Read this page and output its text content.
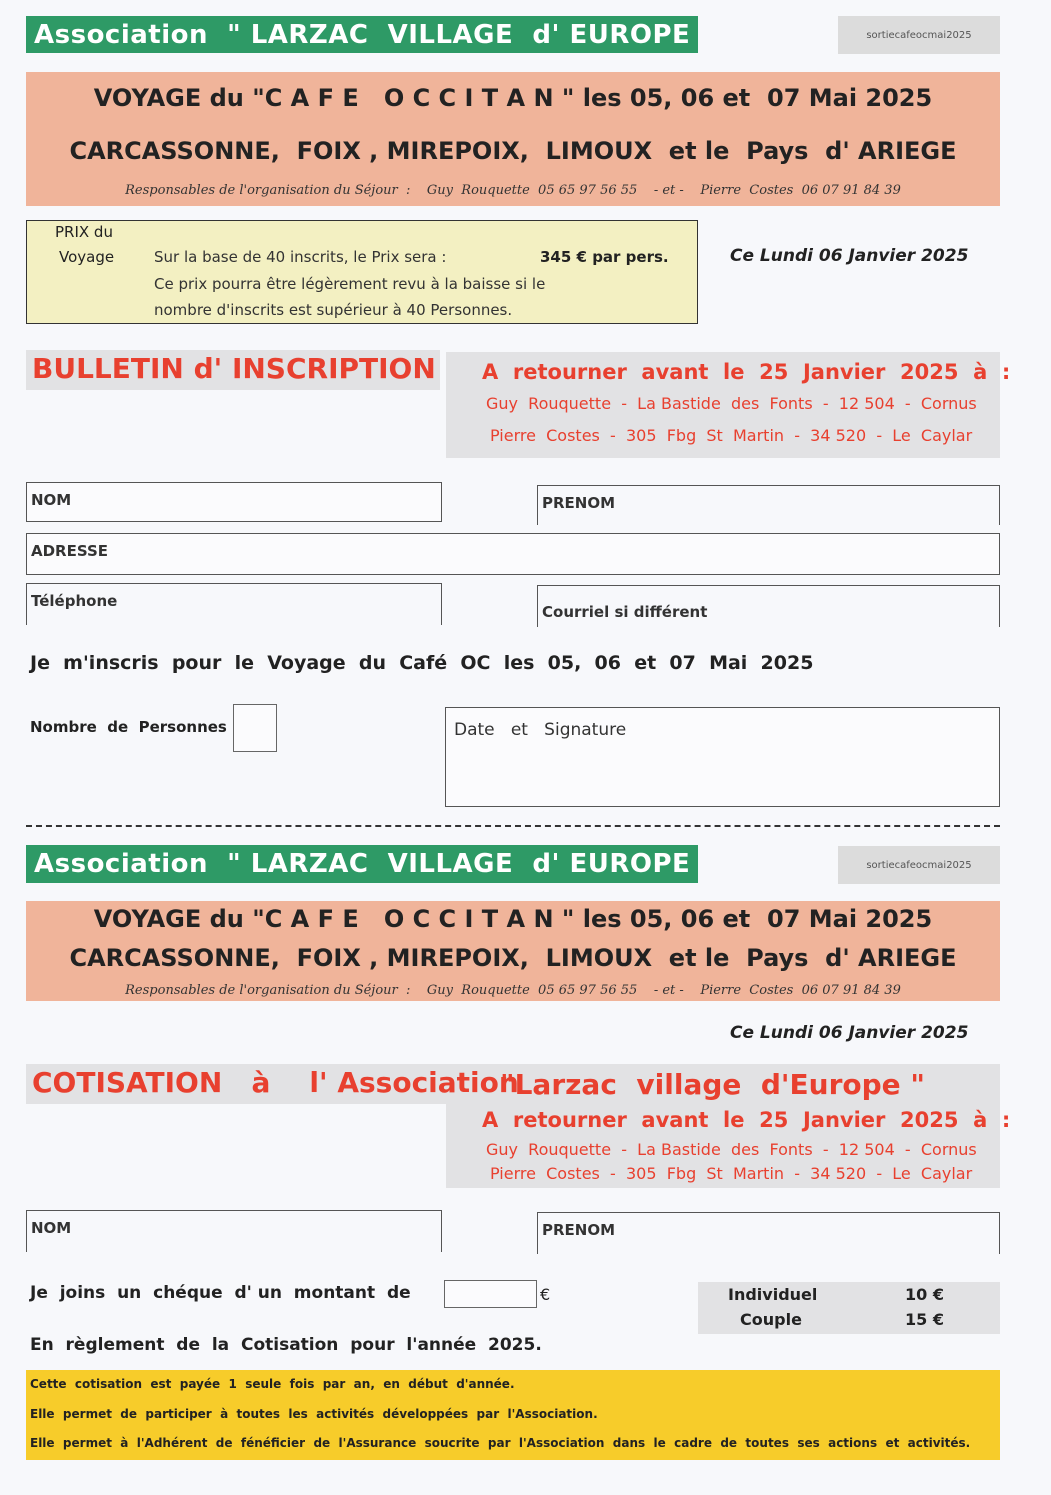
Association  " LARZAC  VILLAGE  d' EUROPE	sortiecafeocmai2025
VOYAGE du "C A F E   O C C I T A N " les 05, 06 et  07 Mai 2025
CARCASSONNE,  FOIX , MIREPOIX,  LIMOUX  et le  Pays  d' ARIEGE
Responsables de l'organisation du Séjour  :    Guy  Rouquette  05 65 97 56 55    - et -    Pierre  Costes  06 07 91 84 39
PRIX du
Voyage	Sur la base de 40 inscrits, le Prix sera :	345 € par pers.
Ce prix pourra être légèrement revu à la baisse si le
nombre d'inscrits est supérieur à 40 Personnes.
Ce Lundi 06 Janvier 2025
BULLETIN d' INSCRIPTION A  retourner  avant  le  25  Janvier  2025  à  :
Guy  Rouquette  -  La Bastide  des  Fonts  -  12 504  -  Cornus
Pierre  Costes  -  305  Fbg  St  Martin  -  34 520  -  Le  Caylar
NOM	PRENOM
ADRESSE
Téléphone
Courriel si différent
Je  m'inscris  pour  le  Voyage  du  Café  OC  les  05,  06  et  07  Mai  2025
Nombre  de  Personnes	Date   et   Signature
Association  " LARZAC  VILLAGE  d' EUROPE	sortiecafeocmai2025
VOYAGE du "C A F E   O C C I T A N " les 05, 06 et  07 Mai 2025
CARCASSONNE,  FOIX , MIREPOIX,  LIMOUX  et le  Pays  d' ARIEGE
Responsables de l'organisation du Séjour  :    Guy  Rouquette  05 65 97 56 55    - et -    Pierre  Costes  06 07 91 84 39
Ce Lundi 06 Janvier 2025
COTISATION   à    l' Association
"Larzac  village  d'Europe "
A  retourner  avant  le  25  Janvier  2025  à  :
Guy  Rouquette  -  La Bastide  des  Fonts  -  12 504  -  Cornus
Pierre  Costes  -  305  Fbg  St  Martin  -  34 520  -  Le  Caylar
NOM	PRENOM
Je  joins  un  chéque  d' un  montant  de	€	Individuel	10 €
Couple	15 €
En  règlement  de  la  Cotisation  pour  l'année  2025.
Cette  cotisation  est  payée  1  seule  fois  par  an,  en  début  d'année.
Elle  permet  de  participer  à  toutes  les  activités  développées  par  l'Association.
Elle  permet  à  l'Adhérent  de  fénéficier  de  l'Assurance  soucrite  par  l'Association  dans  le  cadre  de  toutes  ses  actions  et  activités.
